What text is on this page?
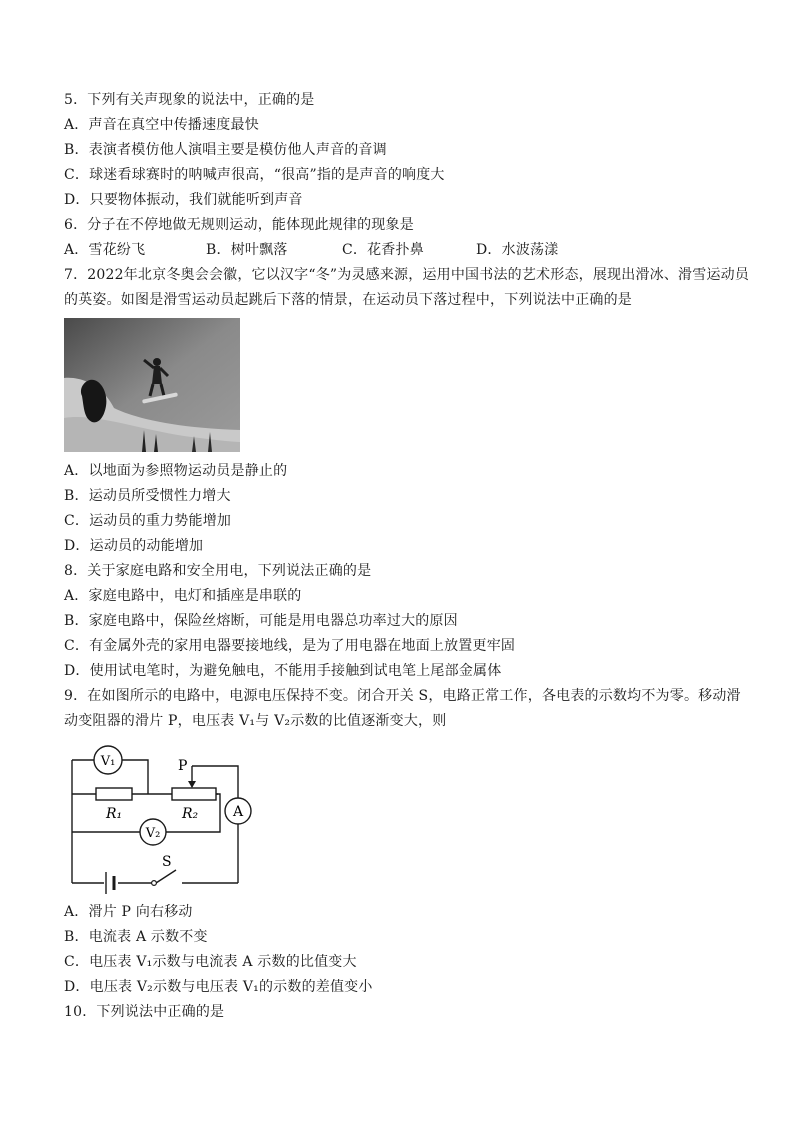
5．下列有关声现象的说法中，正确的是
A．声音在真空中传播速度最快
B．表演者模仿他人演唱主要是模仿他人声音的音调
C．球迷看球赛时的呐喊声很高，“很高”指的是声音的响度大
D．只要物体振动，我们就能听到声音
6．分子在不停地做无规则运动，能体现此规律的现象是
A．雪花纷飞	B．树叶飘落	C．花香扑鼻	D．水波荡漾
7．2022年北京冬奥会会徽，它以汉字“冬”为灵感来源，运用中国书法的艺术形态，展现出滑冰、滑雪运动员
的英姿。如图是滑雪运动员起跳后下落的情景，在运动员下落过程中，下列说法中正确的是
A．以地面为参照物运动员是静止的
B．运动员所受惯性力增大
C．运动员的重力势能增加
D．运动员的动能增加
8．关于家庭电路和安全用电，下列说法正确的是
A．家庭电路中，电灯和插座是串联的
B．家庭电路中，保险丝熔断，可能是用电器总功率过大的原因
C．有金属外壳的家用电器要接地线，是为了用电器在地面上放置更牢固
D．使用试电笔时，为避免触电，不能用手接触到试电笔上尾部金属体
9．在如图所示的电路中，电源电压保持不变。闭合开关 S，电路正常工作，各电表的示数均不为零。移动滑
动变阻器的滑片 P，电压表 V₁与 V₂示数的比值逐渐变大，则
V₁
V₂
A
P
R₁	R₂
S
A．滑片 P 向右移动
B．电流表 A 示数不变
C．电压表 V₁示数与电流表 A 示数的比值变大
D．电压表 V₂示数与电压表 V₁的示数的差值变小
10．下列说法中正确的是
